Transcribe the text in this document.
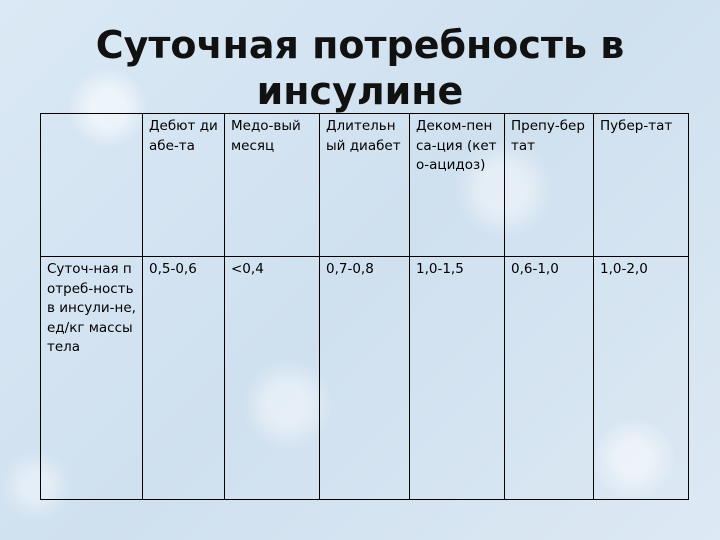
Суточная потребность в
инсулине
	Дебют диабе-та	Медо-вый месяц	Длительный диабет	Деком-пенса-ция (кето-ацидоз)	Препу-бертат	Пубер-тат
Суточ-ная потреб-ность в инсули-не, ед/кг массы тела	0,5-0,6	<0,4	0,7-0,8	1,0-1,5	0,6-1,0	1,0-2,0
